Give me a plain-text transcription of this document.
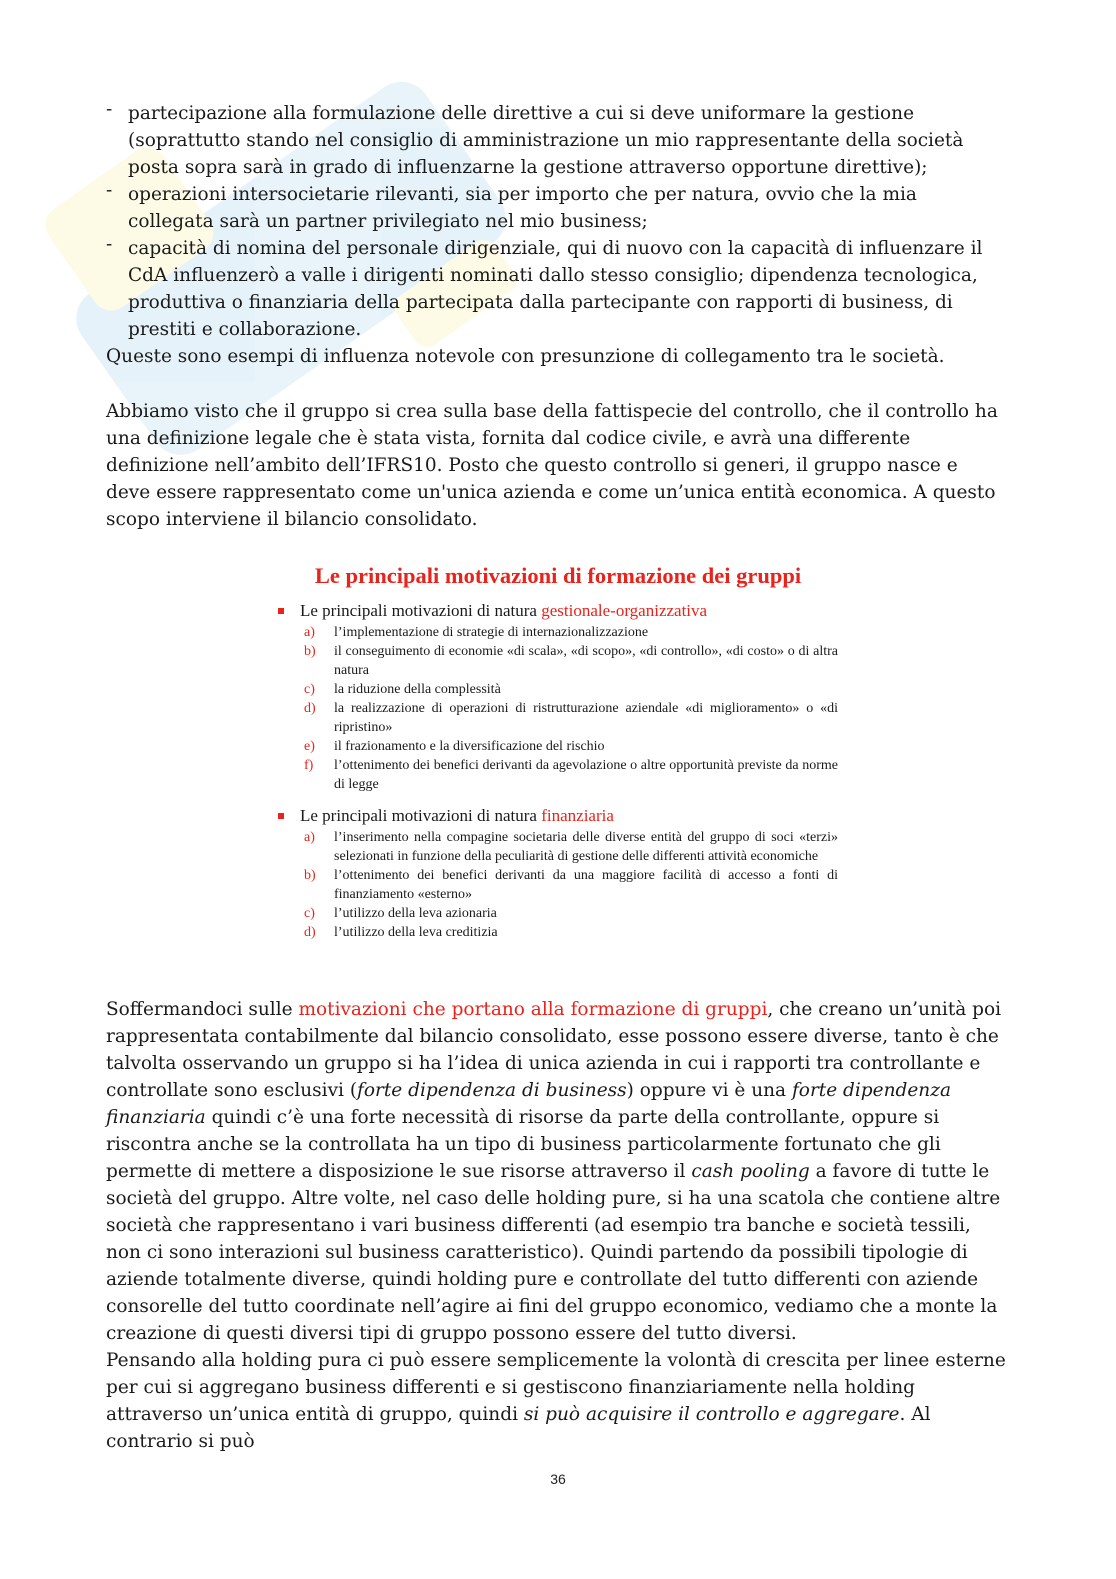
- partecipazione alla formulazione delle direttive a cui si deve uniformare la gestione (soprattutto stando nel consiglio di amministrazione un mio rappresentante della società posta sopra sarà in grado di influenzarne la gestione attraverso opportune direttive);
- operazioni intersocietarie rilevanti, sia per importo che per natura, ovvio che la mia collegata sarà un partner privilegiato nel mio business;
- capacità di nomina del personale dirigenziale, qui di nuovo con la capacità di influenzare il CdA influenzerò a valle i dirigenti nominati dallo stesso consiglio; dipendenza tecnologica, produttiva o finanziaria della partecipata dalla partecipante con rapporti di business, di prestiti e collaborazione.

Queste sono esempi di influenza notevole con presunzione di collegamento tra le società.

Abbiamo visto che il gruppo si crea sulla base della fattispecie del controllo, che il controllo ha una definizione legale che è stata vista, fornita dal codice civile, e avrà una differente definizione nell’ambito dell’IFRS10. Posto che questo controllo si generi, il gruppo nasce e deve essere rappresentato come un'unica azienda e come un’unica entità economica. A questo scopo interviene il bilancio consolidato.

Le principali motivazioni di formazione dei gruppi

Le principali motivazioni di natura gestionale-organizzativa

a) l’implementazione di strategie di internazionalizzazione
b) il conseguimento di economie «di scala», «di scopo», «di controllo», «di costo» o di altra natura
c) la riduzione della complessità
d) la realizzazione di operazioni di ristrutturazione aziendale «di miglioramento» o «di ripristino»
e) il frazionamento e la diversificazione del rischio
f) l’ottenimento dei benefici derivanti da agevolazione o altre opportunità previste da norme di legge

Le principali motivazioni di natura finanziaria

a) l’inserimento nella compagine societaria delle diverse entità del gruppo di soci «terzi» selezionati in funzione della peculiarità di gestione delle differenti attività economiche
b) l’ottenimento dei benefici derivanti da una maggiore facilità di accesso a fonti di finanziamento «esterno»
c) l’utilizzo della leva azionaria
d) l’utilizzo della leva creditizia

Soffermandoci sulle motivazioni che portano alla formazione di gruppi, che creano un’unità poi rappresentata contabilmente dal bilancio consolidato, esse possono essere diverse, tanto è che talvolta osservando un gruppo si ha l’idea di unica azienda in cui i rapporti tra controllante e controllate sono esclusivi (forte dipendenza di business) oppure vi è una forte dipendenza finanziaria quindi c’è una forte necessità di risorse da parte della controllante, oppure si riscontra anche se la controllata ha un tipo di business particolarmente fortunato che gli permette di mettere a disposizione le sue risorse attraverso il cash pooling a favore di tutte le società del gruppo. Altre volte, nel caso delle holding pure, si ha una scatola che contiene altre società che rappresentano i vari business differenti (ad esempio tra banche e società tessili, non ci sono interazioni sul business caratteristico). Quindi partendo da possibili tipologie di aziende totalmente diverse, quindi holding pure e controllate del tutto differenti con aziende consorelle del tutto coordinate nell’agire ai fini del gruppo economico, vediamo che a monte la creazione di questi diversi tipi di gruppo possono essere del tutto diversi.

Pensando alla holding pura ci può essere semplicemente la volontà di crescita per linee esterne per cui si aggregano business differenti e si gestiscono finanziariamente nella holding attraverso un’unica entità di gruppo, quindi si può acquisire il controllo e aggregare. Al contrario si può

36
